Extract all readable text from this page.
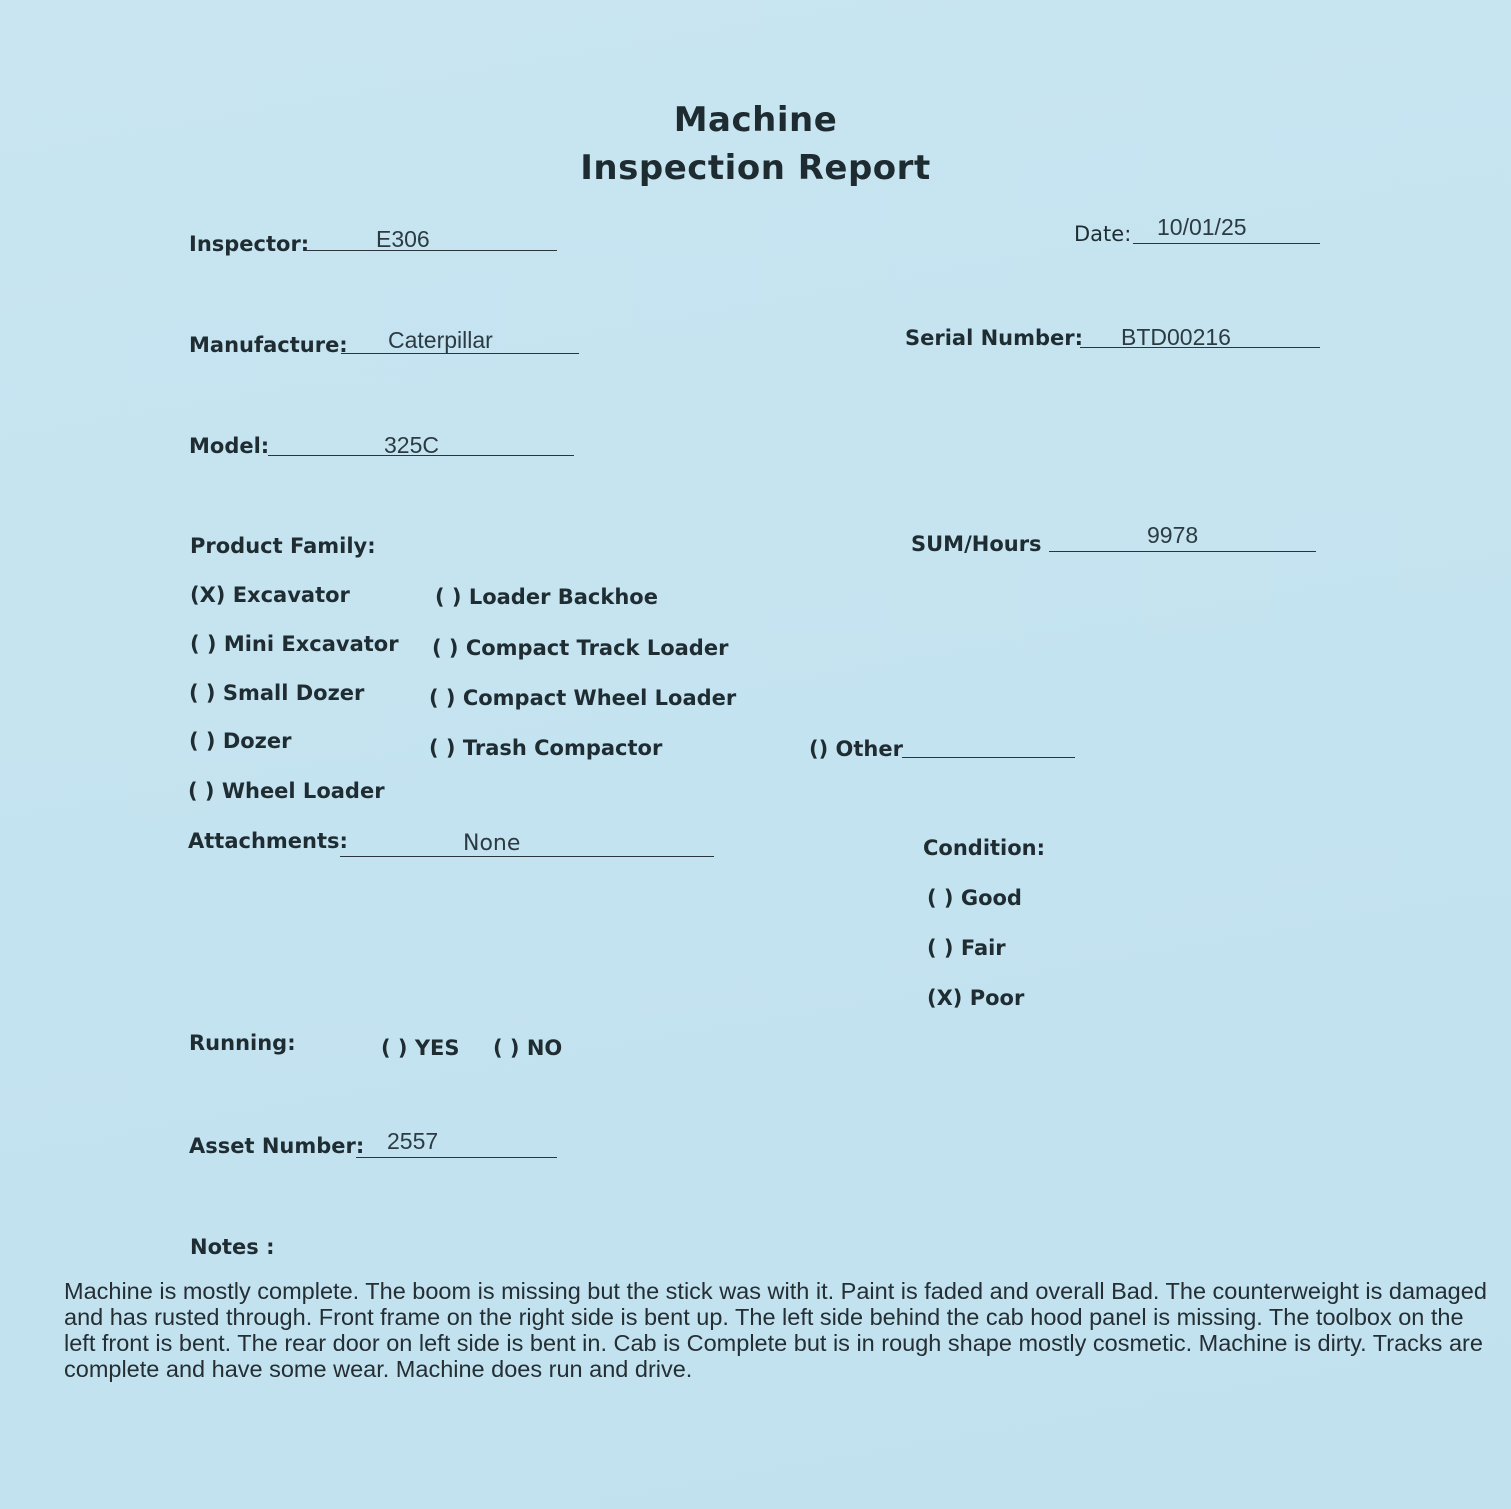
Machine
Inspection Report
Inspector:	E306	Date: 10/01/25
Manufacture: Caterpillar	Serial Number: BTD00216
Model:	325C
Product Family:	SUM/Hours	9978
(X) Excavator	( ) Loader Backhoe
( ) Mini Excavator ( ) Compact Track Loader
( ) Small Dozer	( ) Compact Wheel Loader
( ) Dozer	( ) Trash Compactor	() Other
( ) Wheel Loader
Attachments:	None	Condition:
( ) Good
( ) Fair
(X) Poor
Running:	( ) YES ( ) NO
Asset Number: 2557
Notes :
Machine is mostly complete. The boom is missing but the stick was with it. Paint is faded and overall Bad. The counterweight is damaged and has rusted through. Front frame on the right side is bent up. The left side behind the cab hood panel is missing. The toolbox on the left front is bent. The rear door on left side is bent in. Cab is Complete but is in rough shape mostly cosmetic. Machine is dirty. Tracks are complete and have some wear. Machine does run and drive.
